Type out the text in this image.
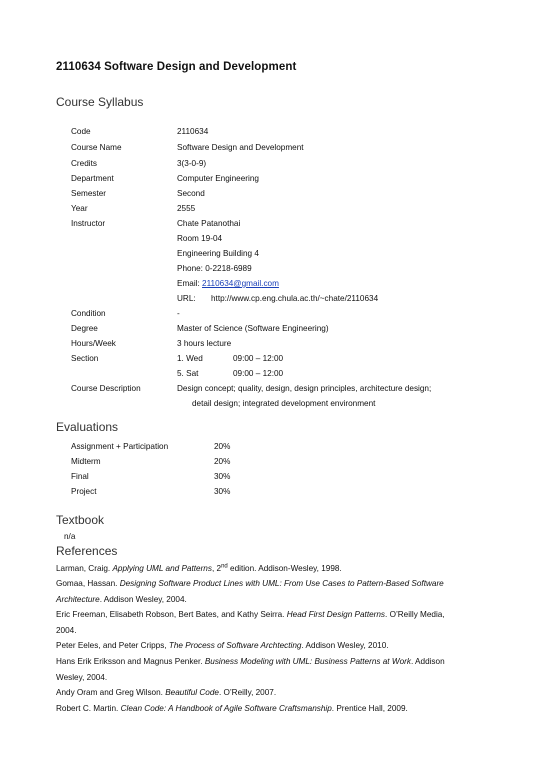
2110634 Software Design and Development
Course Syllabus
Code	2110634
Course Name	Software Design and Development
Credits	3(3-0-9)
Department	Computer Engineering
Semester	Second
Year	2555
Instructor	Chate Patanothai
Room 19-04
Engineering Building 4
Phone: 0-2218-6989
Email: 2110634@gmail.com
URL: http://www.cp.eng.chula.ac.th/~chate/2110634
Condition	-
Degree	Master of Science (Software Engineering)
Hours/Week	3 hours lecture
Section	1. Wed	09:00 – 12:00
5. Sat	09:00 – 12:00
Course Description	Design concept; quality, design, design principles, architecture design;
detail design; integrated development environment
Evaluations
Assignment + Participation	20%
Midterm	20%
Final	30%
Project	30%
Textbook
n/a
References
Larman, Craig. Applying UML and Patterns, 2nd edition. Addison-Wesley, 1998.
Gomaa, Hassan. Designing Software Product Lines with UML: From Use Cases to Pattern-Based Software Architecture. Addison Wesley, 2004.
Eric Freeman, Elisabeth Robson, Bert Bates, and Kathy Seirra. Head First Design Patterns. O’Reilly Media, 2004.
Peter Eeles, and Peter Cripps, The Process of Software Archtecting. Addison Wesley, 2010.
Hans Erik Eriksson and Magnus Penker. Business Modeling with UML: Business Patterns at Work. Addison Wesley, 2004.
Andy Oram and Greg Wilson. Beautiful Code. O’Reilly, 2007.
Robert C. Martin. Clean Code: A Handbook of Agile Software Craftsmanship. Prentice Hall, 2009.
